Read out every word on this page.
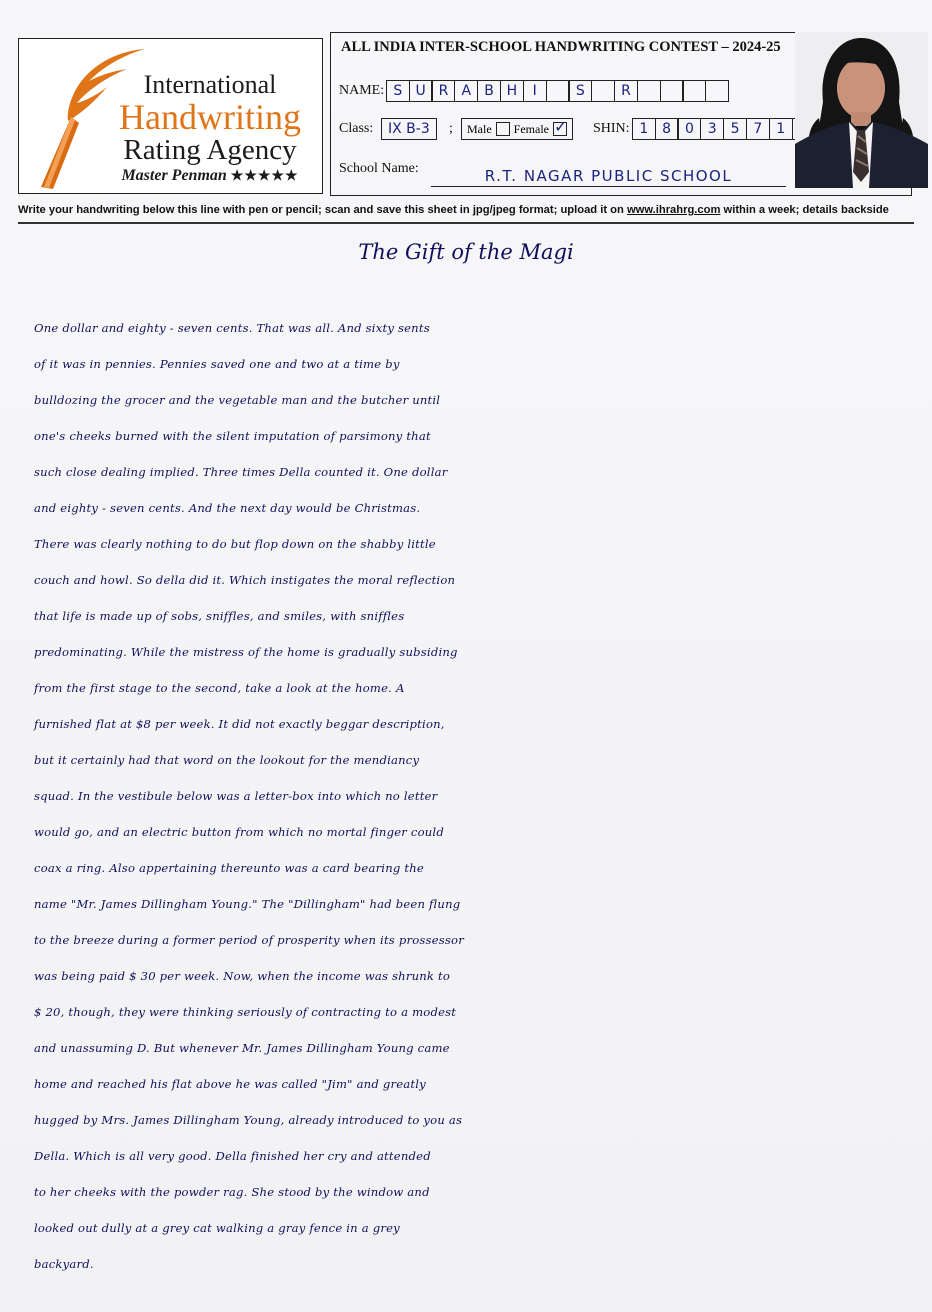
International
Handwriting
Rating Agency
Master Penman ★★★★★
ALL INDIA INTER-SCHOOL HANDWRITING CONTEST – 2024-25
NAME: S U R A B H	I	S	R
Class:	IX B-3	; Male Female
✓	SHIN: 1 8 0 3 5 7 1
School Name:	R.T. NAGAR PUBLIC SCHOOL
Write your handwriting below this line with pen or pencil; scan and save this sheet in jpg/jpeg format; upload it on www.ihrahrg.com within a week; details backside
The Gift of the Magi
One dollar and eighty - seven cents. That was all. And sixty sents
of it was in pennies. Pennies saved one and two at a time by
bulldozing the grocer and the vegetable man and the butcher until
one's cheeks burned with the silent imputation of parsimony that
such close dealing implied. Three times Della counted it. One dollar
and eighty - seven cents. And the next day would be Christmas.
There was clearly nothing to do but flop down on the shabby little
couch and howl. So della did it. Which instigates the moral reflection
that life is made up of sobs, sniffles, and smiles, with sniffles
predominating. While the mistress of the home is gradually subsiding
from the first stage to the second, take a look at the home. A
furnished flat at $8 per week. It did not exactly beggar description,
but it certainly had that word on the lookout for the mendiancy
squad. In the vestibule below was a letter-box into which no letter
would go, and an electric button from which no mortal finger could
coax a ring. Also appertaining thereunto was a card bearing the
name "Mr. James Dillingham Young." The "Dillingham" had been flung
to the breeze during a former period of prosperity when its prossessor
was being paid $ 30 per week. Now, when the income was shrunk to
$ 20, though, they were thinking seriously of contracting to a modest
and unassuming D. But whenever Mr. James Dillingham Young came
home and reached his flat above he was called "Jim" and greatly
hugged by Mrs. James Dillingham Young, already introduced to you as
Della. Which is all very good. Della finished her cry and attended
to her cheeks with the powder rag. She stood by the window and
looked out dully at a grey cat walking a gray fence in a grey
backyard.
